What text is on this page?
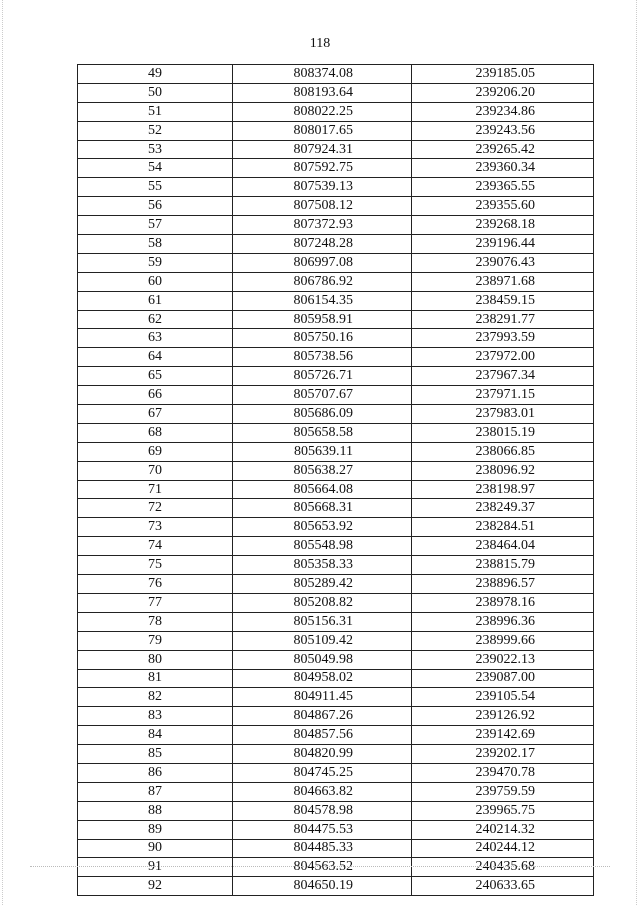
118
49	808374.08	239185.05
50	808193.64	239206.20
51	808022.25	239234.86
52	808017.65	239243.56
53	807924.31	239265.42
54	807592.75	239360.34
55	807539.13	239365.55
56	807508.12	239355.60
57	807372.93	239268.18
58	807248.28	239196.44
59	806997.08	239076.43
60	806786.92	238971.68
61	806154.35	238459.15
62	805958.91	238291.77
63	805750.16	237993.59
64	805738.56	237972.00
65	805726.71	237967.34
66	805707.67	237971.15
67	805686.09	237983.01
68	805658.58	238015.19
69	805639.11	238066.85
70	805638.27	238096.92
71	805664.08	238198.97
72	805668.31	238249.37
73	805653.92	238284.51
74	805548.98	238464.04
75	805358.33	238815.79
76	805289.42	238896.57
77	805208.82	238978.16
78	805156.31	238996.36
79	805109.42	238999.66
80	805049.98	239022.13
81	804958.02	239087.00
82	804911.45	239105.54
83	804867.26	239126.92
84	804857.56	239142.69
85	804820.99	239202.17
86	804745.25	239470.78
87	804663.82	239759.59
88	804578.98	239965.75
89	804475.53	240214.32
90	804485.33	240244.12
91	804563.52	240435.68
92	804650.19	240633.65
